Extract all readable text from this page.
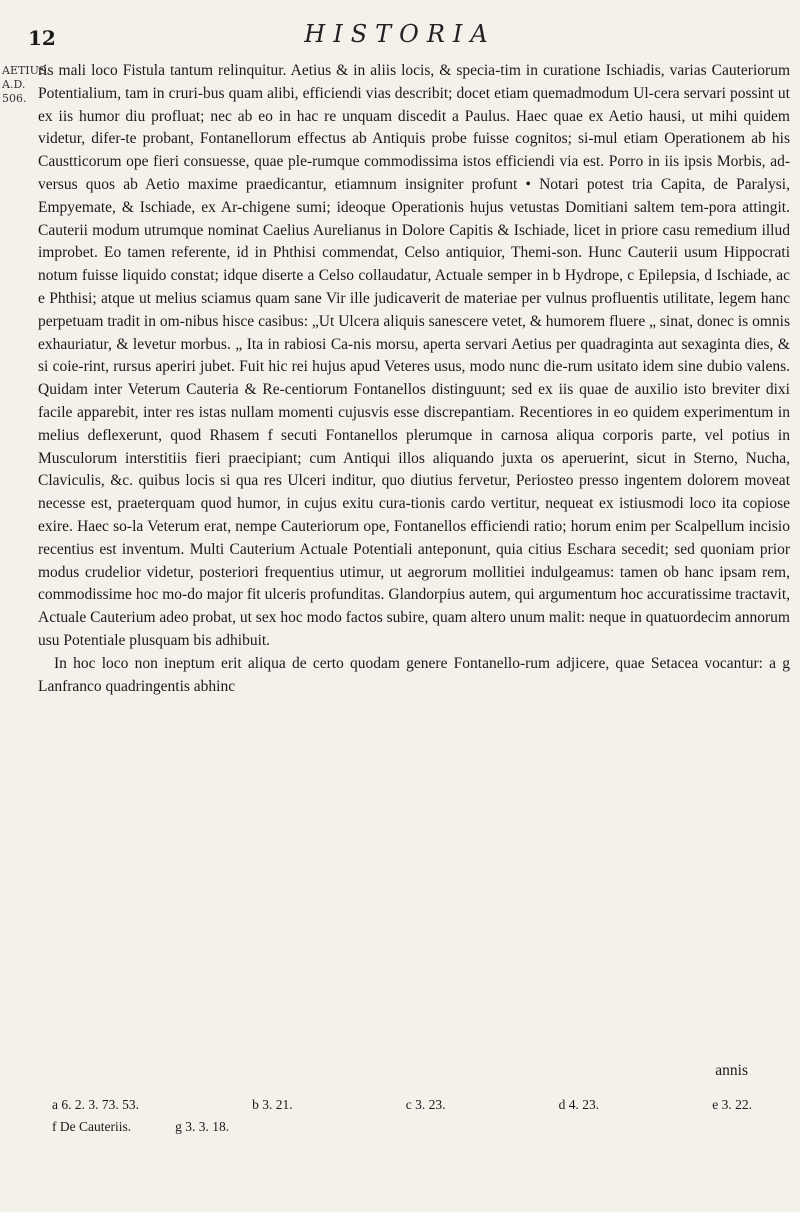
12	HISTORIA
AETIUS.
A.D.
506.

ris mali loco Fistula tantum relinquitur. Aetius & in aliis locis, & specia-tim in curatione Ischiadis, varias Cauteriorum Potentialium, tam in cruri-bus quam alibi, efficiendi vias describit; docet etiam quemadmodum Ul-cera servari possint ut ex iis humor diu profluat; nec ab eo in hac re unquam discedit a Paulus. Haec quae ex Aetio hausi, ut mihi quidem videtur, difer-te probant, Fontanellorum effectus ab Antiquis probe fuisse cognitos; si-mul etiam Operationem ab his Caustticorum ope fieri consuesse, quae ple-rumque commodissima istos efficiendi via est. Porro in iis ipsis Morbis, ad-versus quos ab Aetio maxime praedicantur, etiamnum insigniter profunt • Notari potest tria Capita, de Paralysi, Empyemate, & Ischiade, ex Ar-chigene sumi; ideoque Operationis hujus vetustas Domitiani saltem tem-pora attingit. Cauterii modum utrumque nominat Caelius Aurelianus in Dolore Capitis & Ischiade, licet in priore casu remedium illud improbet. Eo tamen referente, id in Phthisi commendat, Celso antiquior, Themi-son. Hunc Cauterii usum Hippocrati notum fuisse liquido constat; idque diserte a Celso collaudatur, Actuale semper in b Hydrope, c Epilepsia, d Ischiade, ac e Phthisi; atque ut melius sciamus quam sane Vir ille judicaverit de materiae per vulnus profluentis utilitate, legem hanc perpetuam tradit in om-nibus hisce casibus: „Ut Ulcera aliquis sanescere vetet, & humorem fluere „ sinat, donec is omnis exhauriatur, & levetur morbus. „ Ita in rabiosi Ca-nis morsu, aperta servari Aetius per quadraginta aut sexaginta dies, & si coie-rint, rursus aperiri jubet. Fuit hic rei hujus apud Veteres usus, modo nunc die-rum usitato idem sine dubio valens. Quidam inter Veterum Cauteria & Re-centiorum Fontanellos distinguunt; sed ex iis quae de auxilio isto breviter dixi facile apparebit, inter res istas nullam momenti cujusvis esse discrepantiam. Recentiores in eo quidem experimentum in melius deflexerunt, quod Rhasem f secuti Fontanellos plerumque in carnosa aliqua corporis parte, vel potius in Musculorum interstitiis fieri praecipiant; cum Antiqui illos aliquando juxta os aperuerint, sicut in Sterno, Nucha, Claviculis, &c. quibus locis si qua res Ulceri inditur, quo diutius fervetur, Periosteo presso ingentem dolorem moveat necesse est, praeterquam quod humor, in cujus exitu cura-tionis cardo vertitur, nequeat ex istiusmodi loco ita copiose exire. Haec so-la Veterum erat, nempe Cauteriorum ope, Fontanellos efficiendi ratio; horum enim per Scalpellum incisio recentius est inventum. Multi Cauterium Actuale Potentiali anteponunt, quia citius Eschara secedit; sed quoniam prior modus crudelior videtur, posteriori frequentius utimur, ut aegrorum mollitiei indulgeamus: tamen ob hanc ipsam rem, commodissime hoc mo-do major fit ulceris profunditas. Glandorpius autem, qui argumentum hoc accuratissime tractavit, Actuale Cauterium adeo probat, ut sex hoc modo factos subire, quam altero unum malit: neque in quatuordecim annorum usu Potentiale plusquam bis adhibuit.

In hoc loco non ineptum erit aliqua de certo quodam genere Fontanello-rum adjicere, quae Setacea vocantur: a g Lanfranco quadringentis abhinc

annis
a 6. 2. 3. 73. 53.	b 3. 21.	c 3. 23.	d 4. 23.	e 3. 22.
f De Cauteriis.	g 3. 3. 18.
